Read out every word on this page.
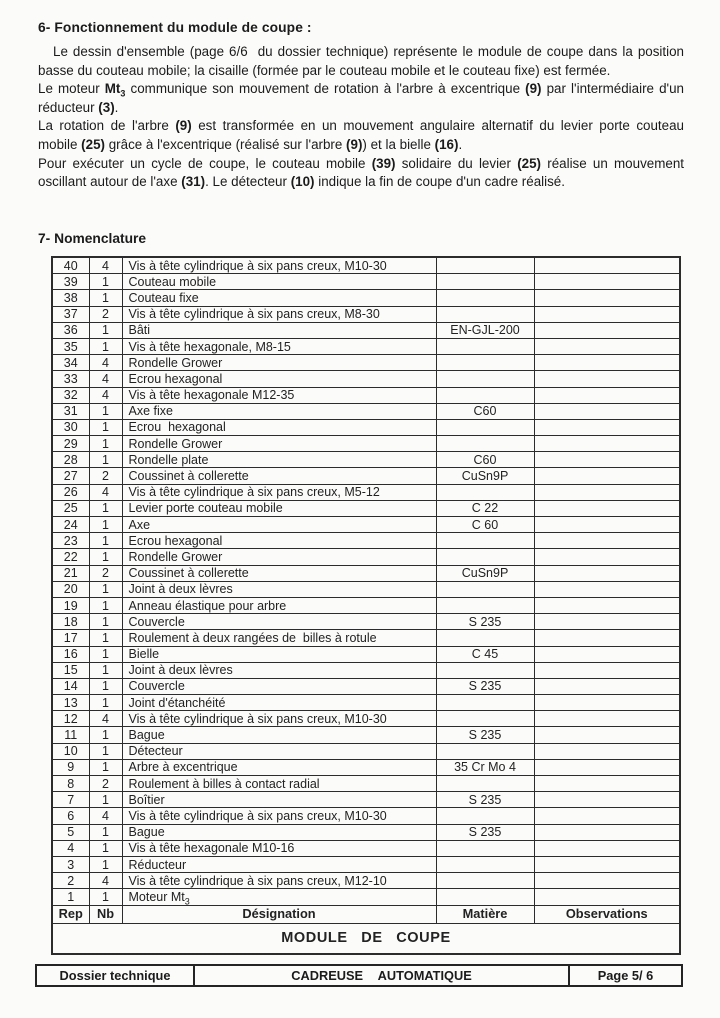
6- Fonctionnement du module de coupe :

Le dessin d'ensemble (page 6/6  du dossier technique) représente le module de coupe dans la position basse du couteau mobile; la cisaille (formée par le couteau mobile et le couteau fixe) est fermée.

Le moteur $Mt_3$ communique son mouvement de rotation à l'arbre à excentrique (9) par l'intermédiaire d'un réducteur (3).

La rotation de l'arbre (9) est transformée en un mouvement angulaire alternatif du levier porte couteau mobile (25) grâce à l'excentrique (réalisé sur l'arbre (9)) et la bielle (16).

Pour exécuter un cycle de coupe, le couteau mobile (39) solidaire du levier (25) réalise un mouvement oscillant autour de l'axe (31). Le détecteur (10) indique la fin de coupe d'un cadre réalisé.

7- Nomenclature
40	4	Vis à tête cylindrique à six pans creux, M10-30		
39	1	Couteau mobile		
38	1	Couteau fixe		
37	2	Vis à tête cylindrique à six pans creux, M8-30		
36	1	Bâti	EN-GJL-200	
35	1	Vis à tête hexagonale, M8-15		
34	4	Rondelle Grower		
33	4	Ecrou hexagonal		
32	4	Vis à tête hexagonale M12-35		
31	1	Axe fixe	C60	
30	1	Ecrou  hexagonal		
29	1	Rondelle Grower		
28	1	Rondelle plate	C60	
27	2	Coussinet à collerette	CuSn9P	
26	4	Vis à tête cylindrique à six pans creux, M5-12		
25	1	Levier porte couteau mobile	C 22	
24	1	Axe	C 60	
23	1	Ecrou hexagonal		
22	1	Rondelle Grower		
21	2	Coussinet à collerette	CuSn9P	
20	1	Joint à deux lèvres		
19	1	Anneau élastique pour arbre		
18	1	Couvercle	S 235	
17	1	Roulement à deux rangées de  billes à rotule		
16	1	Bielle	C 45	
15	1	Joint à deux lèvres		
14	1	Couvercle	S 235	
13	1	Joint d'étanchéité		
12	4	Vis à tête cylindrique à six pans creux, M10-30		
11	1	Bague	S 235	
10	1	Détecteur		
9	1	Arbre à excentrique	35 Cr Mo 4	
8	2	Roulement à billes à contact radial		
7	1	Boîtier	S 235	
6	4	Vis à tête cylindrique à six pans creux, M10-30		
5	1	Bague	S 235	
4	1	Vis à tête hexagonale M10-16		
3	1	Réducteur		
2	4	Vis à tête cylindrique à six pans creux, M12-10		
1	1	Moteur $Mt_3$		
Rep	Nb	Désignation	Matière	Observations
MODULE DE COUPE				
Dossier technique	CADREUSE  AUTOMATIQUE	Page 5/ 6
